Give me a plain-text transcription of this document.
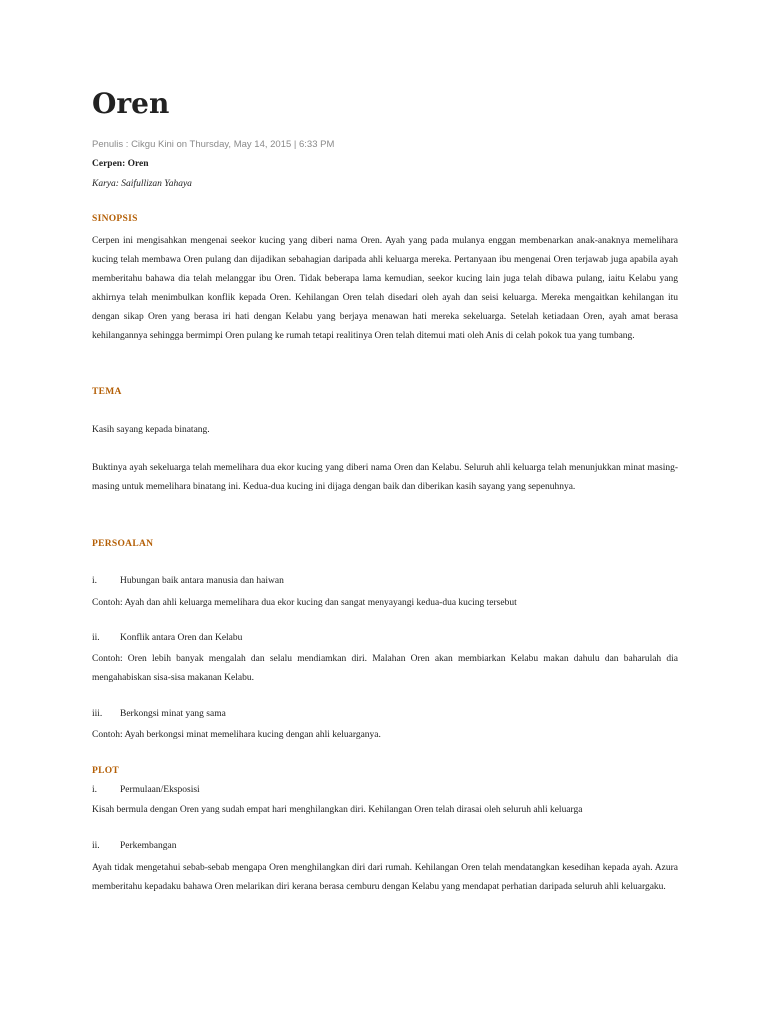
Oren
Penulis : Cikgu Kini on Thursday, May 14, 2015 | 6:33 PM
Cerpen: Oren
Karya: Saifullizan Yahaya
SINOPSIS
Cerpen ini mengisahkan mengenai seekor kucing yang diberi nama Oren. Ayah yang pada mulanya enggan membenarkan anak-anaknya memelihara kucing telah membawa Oren pulang dan dijadikan sebahagian daripada ahli keluarga mereka. Pertanyaan ibu mengenai Oren terjawab juga apabila ayah memberitahu bahawa dia telah melanggar ibu Oren. Tidak beberapa lama kemudian, seekor kucing lain juga telah dibawa pulang, iaitu Kelabu yang akhirnya telah menimbulkan konflik kepada Oren. Kehilangan Oren telah disedari oleh ayah dan seisi keluarga. Mereka mengaitkan kehilangan itu dengan sikap Oren yang berasa iri hati dengan Kelabu yang berjaya menawan hati mereka sekeluarga. Setelah ketiadaan Oren, ayah amat berasa kehilangannya sehingga bermimpi Oren pulang ke rumah tetapi realitinya Oren telah ditemui mati oleh Anis di celah pokok tua yang tumbang.
TEMA
Kasih sayang kepada binatang.
Buktinya ayah sekeluarga telah memelihara dua ekor kucing yang diberi nama Oren dan Kelabu. Seluruh ahli keluarga telah menunjukkan minat masing-masing untuk memelihara binatang ini. Kedua-dua kucing ini dijaga dengan baik dan diberikan kasih sayang yang sepenuhnya.
PERSOALAN
i. Hubungan baik antara manusia dan haiwan
Contoh: Ayah dan ahli keluarga memelihara dua ekor kucing dan sangat menyayangi kedua-dua kucing tersebut
ii. Konflik antara Oren dan Kelabu
Contoh: Oren lebih banyak mengalah dan selalu mendiamkan diri. Malahan Oren akan membiarkan Kelabu makan dahulu dan baharulah dia mengahabiskan sisa-sisa makanan Kelabu.
iii. Berkongsi minat yang sama
Contoh: Ayah berkongsi minat memelihara kucing dengan ahli keluarganya.
PLOT
i. Permulaan/Eksposisi
Kisah bermula dengan Oren yang sudah empat hari menghilangkan diri. Kehilangan Oren telah dirasai oleh seluruh ahli keluarga
ii. Perkembangan
Ayah tidak mengetahui sebab-sebab mengapa Oren menghilangkan diri dari rumah. Kehilangan Oren telah mendatangkan kesedihan kepada ayah. Azura memberitahu kepadaku bahawa Oren melarikan diri kerana berasa cemburu dengan Kelabu yang mendapat perhatian daripada seluruh ahli keluargaku.
